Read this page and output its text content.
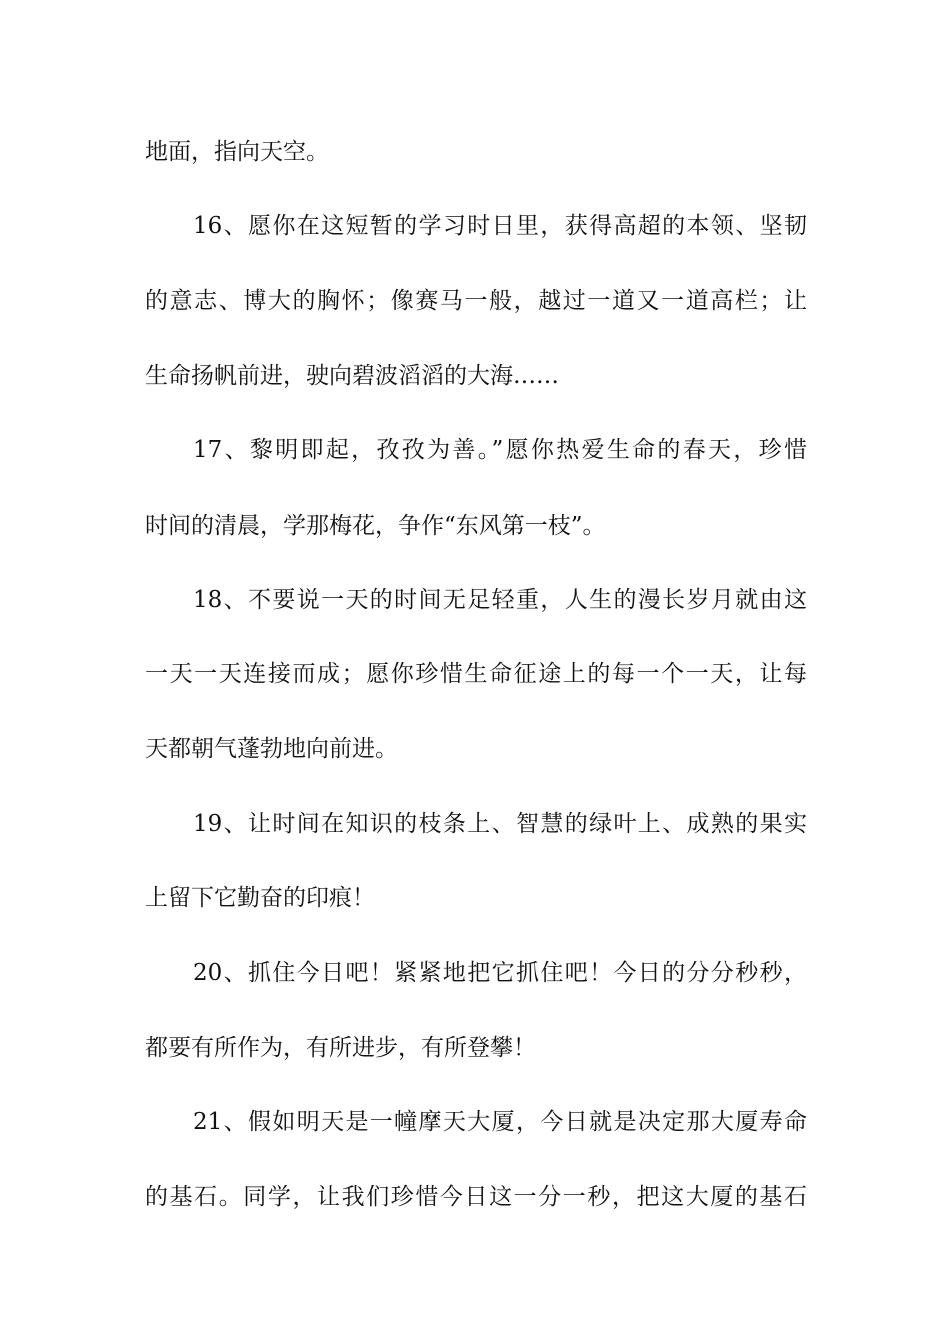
地面，指向天空。
16、愿你在这短暂的学习时日里，获得高超的本领、坚韧
的意志、博大的胸怀；像赛马一般，越过一道又一道高栏；让
生命扬帆前进，驶向碧波滔滔的大海……
17、黎明即起，孜孜为善。”愿你热爱生命的春天，珍惜
时间的清晨，学那梅花，争作“东风第一枝”。
18、不要说一天的时间无足轻重，人生的漫长岁月就由这
一天一天连接而成；愿你珍惜生命征途上的每一个一天，让每
天都朝气蓬勃地向前进。
19、让时间在知识的枝条上、智慧的绿叶上、成熟的果实
上留下它勤奋的印痕！
20、抓住今日吧！紧紧地把它抓住吧！今日的分分秒秒，
都要有所作为，有所进步，有所登攀！
21、假如明天是一幢摩天大厦，今日就是决定那大厦寿命
的基石。同学，让我们珍惜今日这一分一秒，把这大厦的基石
